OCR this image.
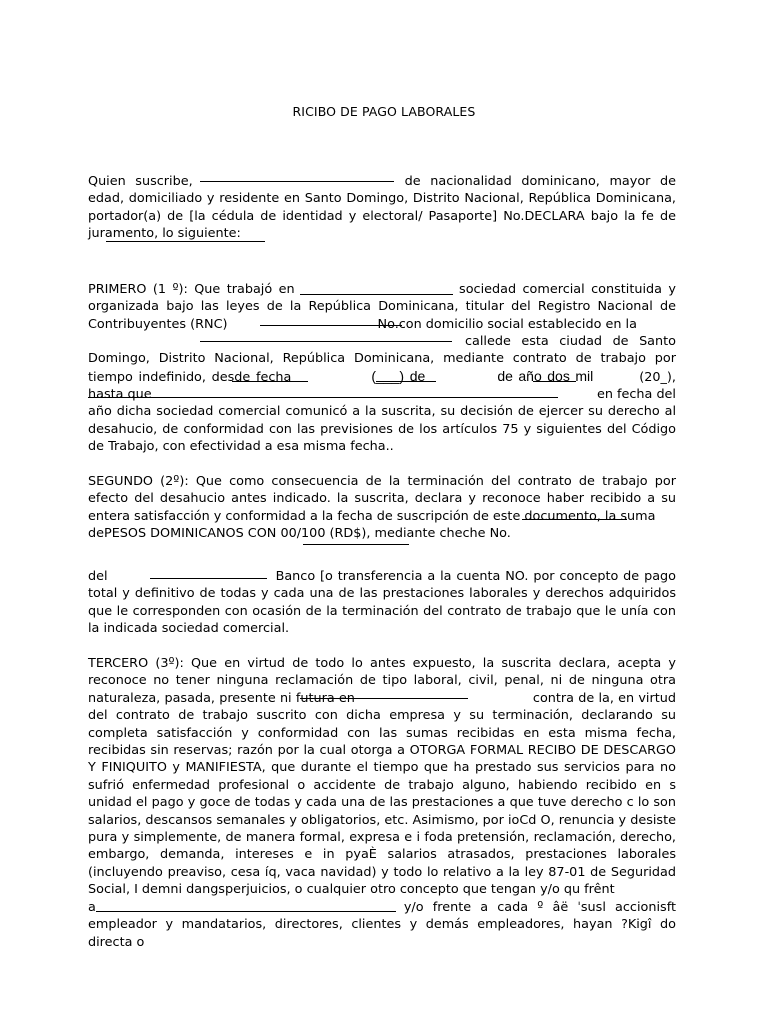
RICIBO DE PAGO LABORALES

Quien suscribe,	de nacionalidad dominicano, mayor de edad, domiciliado y residente en Santo Domingo, Distrito Nacional, República Dominicana, portador(a) de [la cédula de identidad y electoral/ Pasaporte] No.DECLARA bajo la fe de juramento, lo siguiente:

PRIMERO (1 º): Que trabajó en	sociedad comercial constituida y organizada bajo las leyes de la República Dominicana, titular del Registro Nacional de Contribuyentes (RNC)	No.con domicilio social establecido en la

callede esta ciudad de Santo Domingo, Distrito Nacional, República Dominicana, mediante contrato de trabajo por tiempo indefinido, desde fecha	(___) de	de año dos mil	(20_), hasta que	en fecha del

año dicha sociedad comercial comunicó a la suscrita, su decisión de ejercer su derecho al desahucio, de conformidad con las previsiones de los artículos 75 y siguientes del Código de Trabajo, con efectividad a esa misma fecha..

SEGUNDO (2º): Que como consecuencia de la terminación del contrato de trabajo por efecto del desahucio antes indicado. la suscrita, declara y reconoce haber recibido a su entera satisfacción y conformidad a la fecha de suscripción de este documento, la suma

dePESOS DOMINICANOS CON 00/100 (RD$), mediante cheche No.

del	Banco [o transferencia a la cuenta NO. por concepto de pago total y definitivo de todas y cada una de las prestaciones laborales y derechos adquiridos que le corresponden con ocasión de la terminación del contrato de trabajo que le unía con la indicada sociedad comercial.

TERCERO (3º): Que en virtud de todo lo antes expuesto, la suscrita declara, acepta y reconoce no tener ninguna reclamación de tipo laboral, civil, penal, ni de ninguna otra naturaleza, pasada, presente ni futura en	contra de la, en virtud del contrato de trabajo suscrito con dicha empresa y su terminación, declarando su completa satisfacción y conformidad con las sumas recibidas en esta misma fecha, recibidas sin reservas; razón por la cual otorga a OTORGA FORMAL RECIBO DE DESCARGO Y FINIQUITO y MANIFIESTA, que durante el tiempo que ha prestado sus servicios para no sufrió enfermedad profesional o accidente de trabajo alguno, habiendo recibido en s unidad el pago y goce de todas y cada una de las prestaciones a que tuve derecho c lo son salarios, descansos semanales y obligatorios, etc. Asimismo, por ioCd O, renuncia y desiste pura y simplemente, de manera formal, expresa e i foda pretensión, reclamación, derecho, embargo, demanda, intereses e in pyaÈ salarios atrasados, prestaciones laborales (incluyendo preaviso, cesa íq, vaca navidad) y todo lo relativo a la ley 87-01 de Seguridad Social, I demni dangsperjuicios, o cualquier otro concepto que tengan y/o qu frênt

a	y/o frente a cada º âë ˈsusl accionisft empleador y mandatarios, directores, clientes y demás empleadores, hayan ?Kigî do directa o
